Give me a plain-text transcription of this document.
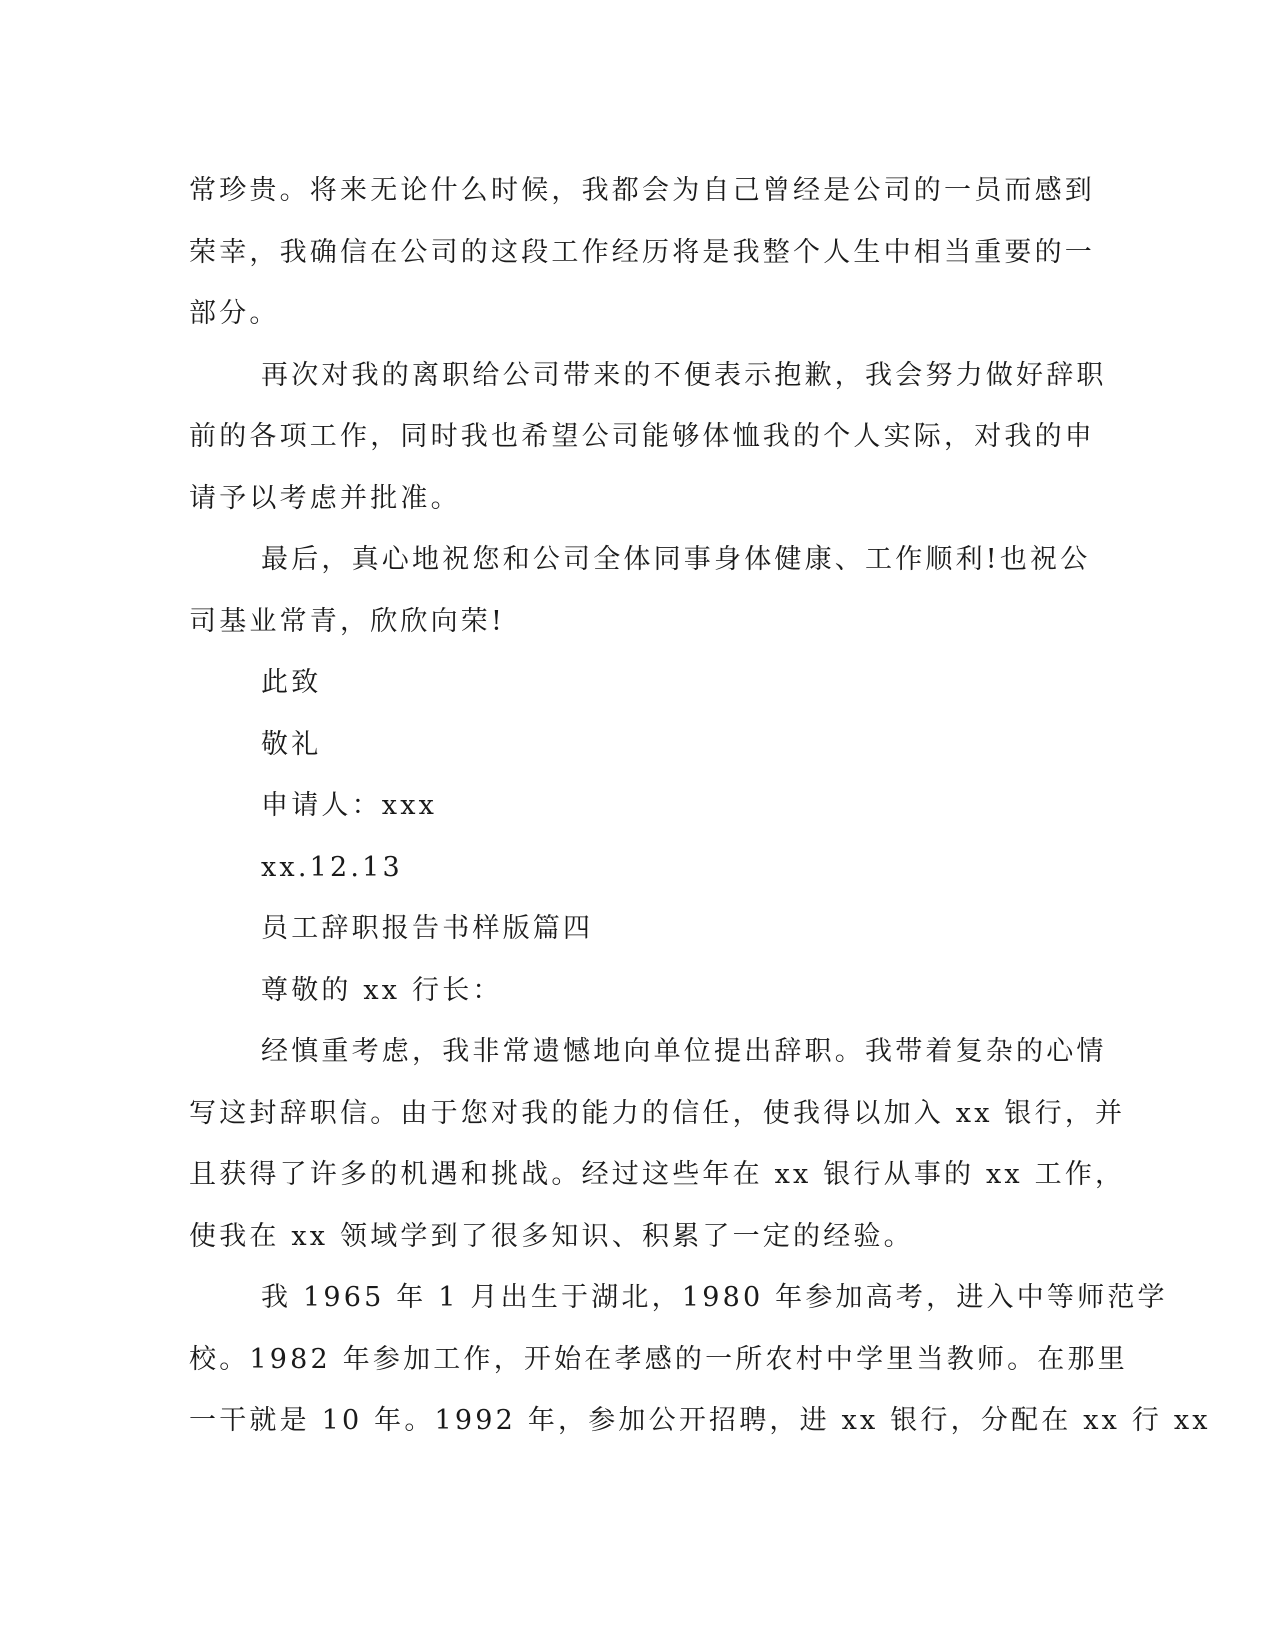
常珍贵。将来无论什么时候，我都会为自己曾经是公司的一员而感到
荣幸，我确信在公司的这段工作经历将是我整个人生中相当重要的一
部分。
再次对我的离职给公司带来的不便表示抱歉，我会努力做好辞职
前的各项工作，同时我也希望公司能够体恤我的个人实际，对我的申
请予以考虑并批准。
最后，真心地祝您和公司全体同事身体健康、工作顺利!也祝公
司基业常青，欣欣向荣!
此致
敬礼
申请人：xxx
xx.12.13
员工辞职报告书样版篇四
尊敬的 xx 行长：
经慎重考虑，我非常遗憾地向单位提出辞职。我带着复杂的心情
写这封辞职信。由于您对我的能力的信任，使我得以加入 xx 银行，并
且获得了许多的机遇和挑战。经过这些年在 xx 银行从事的 xx 工作，
使我在 xx 领域学到了很多知识、积累了一定的经验。
我 1965 年 1 月出生于湖北，1980 年参加高考，进入中等师范学
校。1982 年参加工作，开始在孝感的一所农村中学里当教师。在那里
一干就是 10 年。1992 年，参加公开招聘，进 xx 银行，分配在 xx 行 xx
